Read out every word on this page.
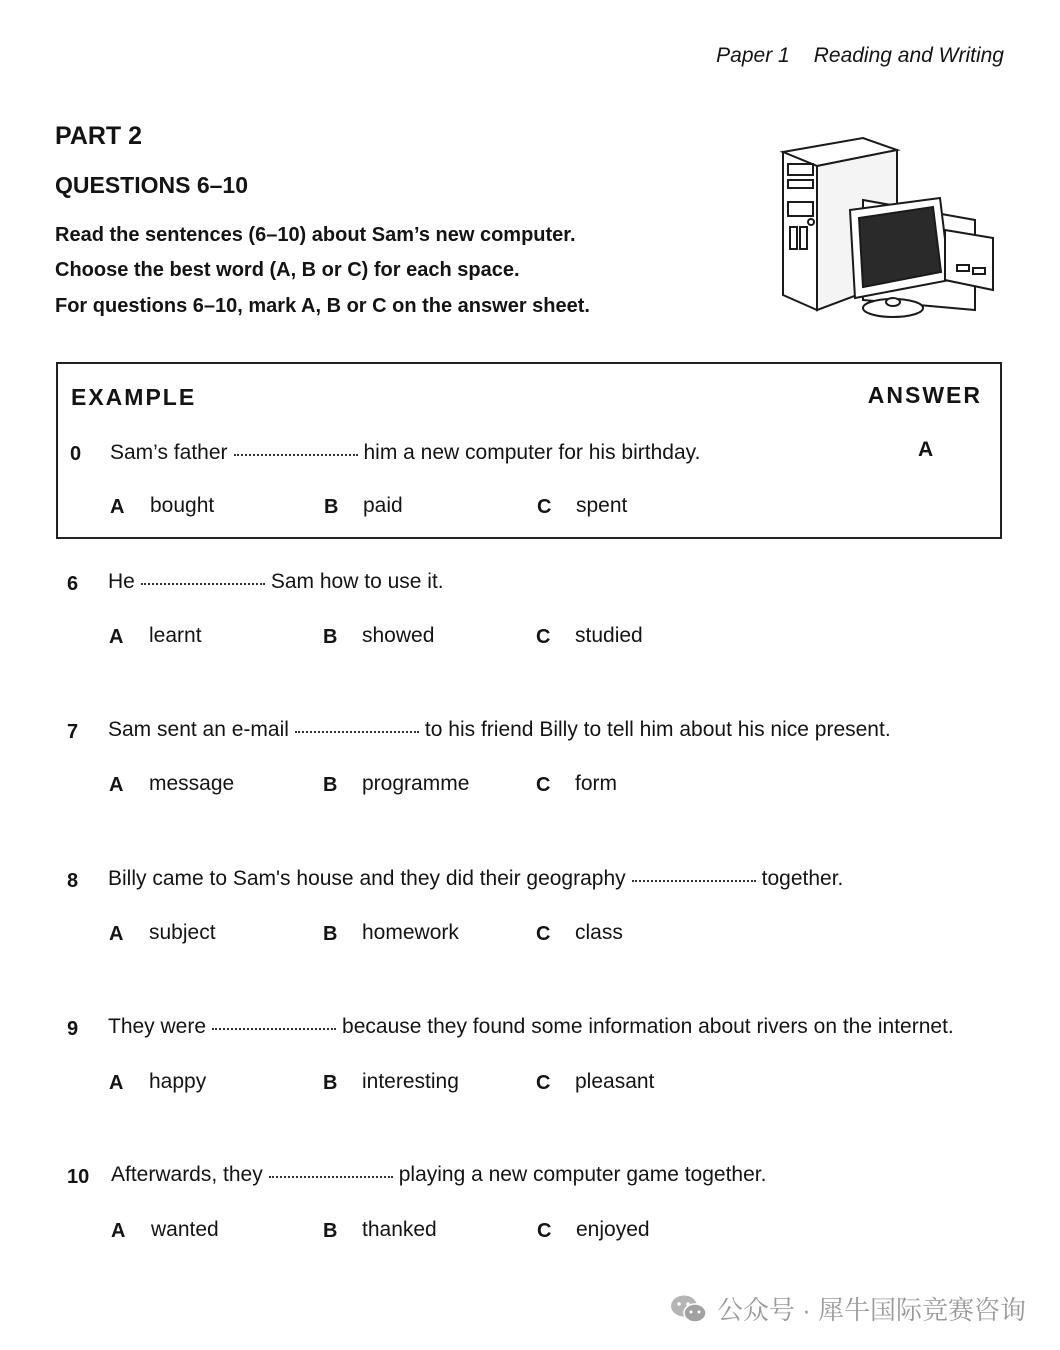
Paper 1 Reading and Writing
PART 2
QUESTIONS 6–10
Read the sentences (6–10) about Sam’s new computer.
Choose the best word (A, B or C) for each space.
For questions 6–10, mark A, B or C on the answer sheet.
EXAMPLE	ANSWER
A
0 Sam’s father	him a new computer for his birthday.
A bought	B paid	C spent
6 He	Sam how to use it.
A learnt	B showed	C studied
7 Sam sent an e-mail	to his friend Billy to tell him about his nice present.
A message	B programme	C form
8 Billy came to Sam's house and they did their geography	together.
A subject	B homework	C class
9 They were	because they found some information about rivers on the internet.
A happy	B interesting	C pleasant
10 Afterwards, they	playing a new computer game together.
A wanted	B thanked	C enjoyed
公众号 · 犀牛国际竞赛咨询
